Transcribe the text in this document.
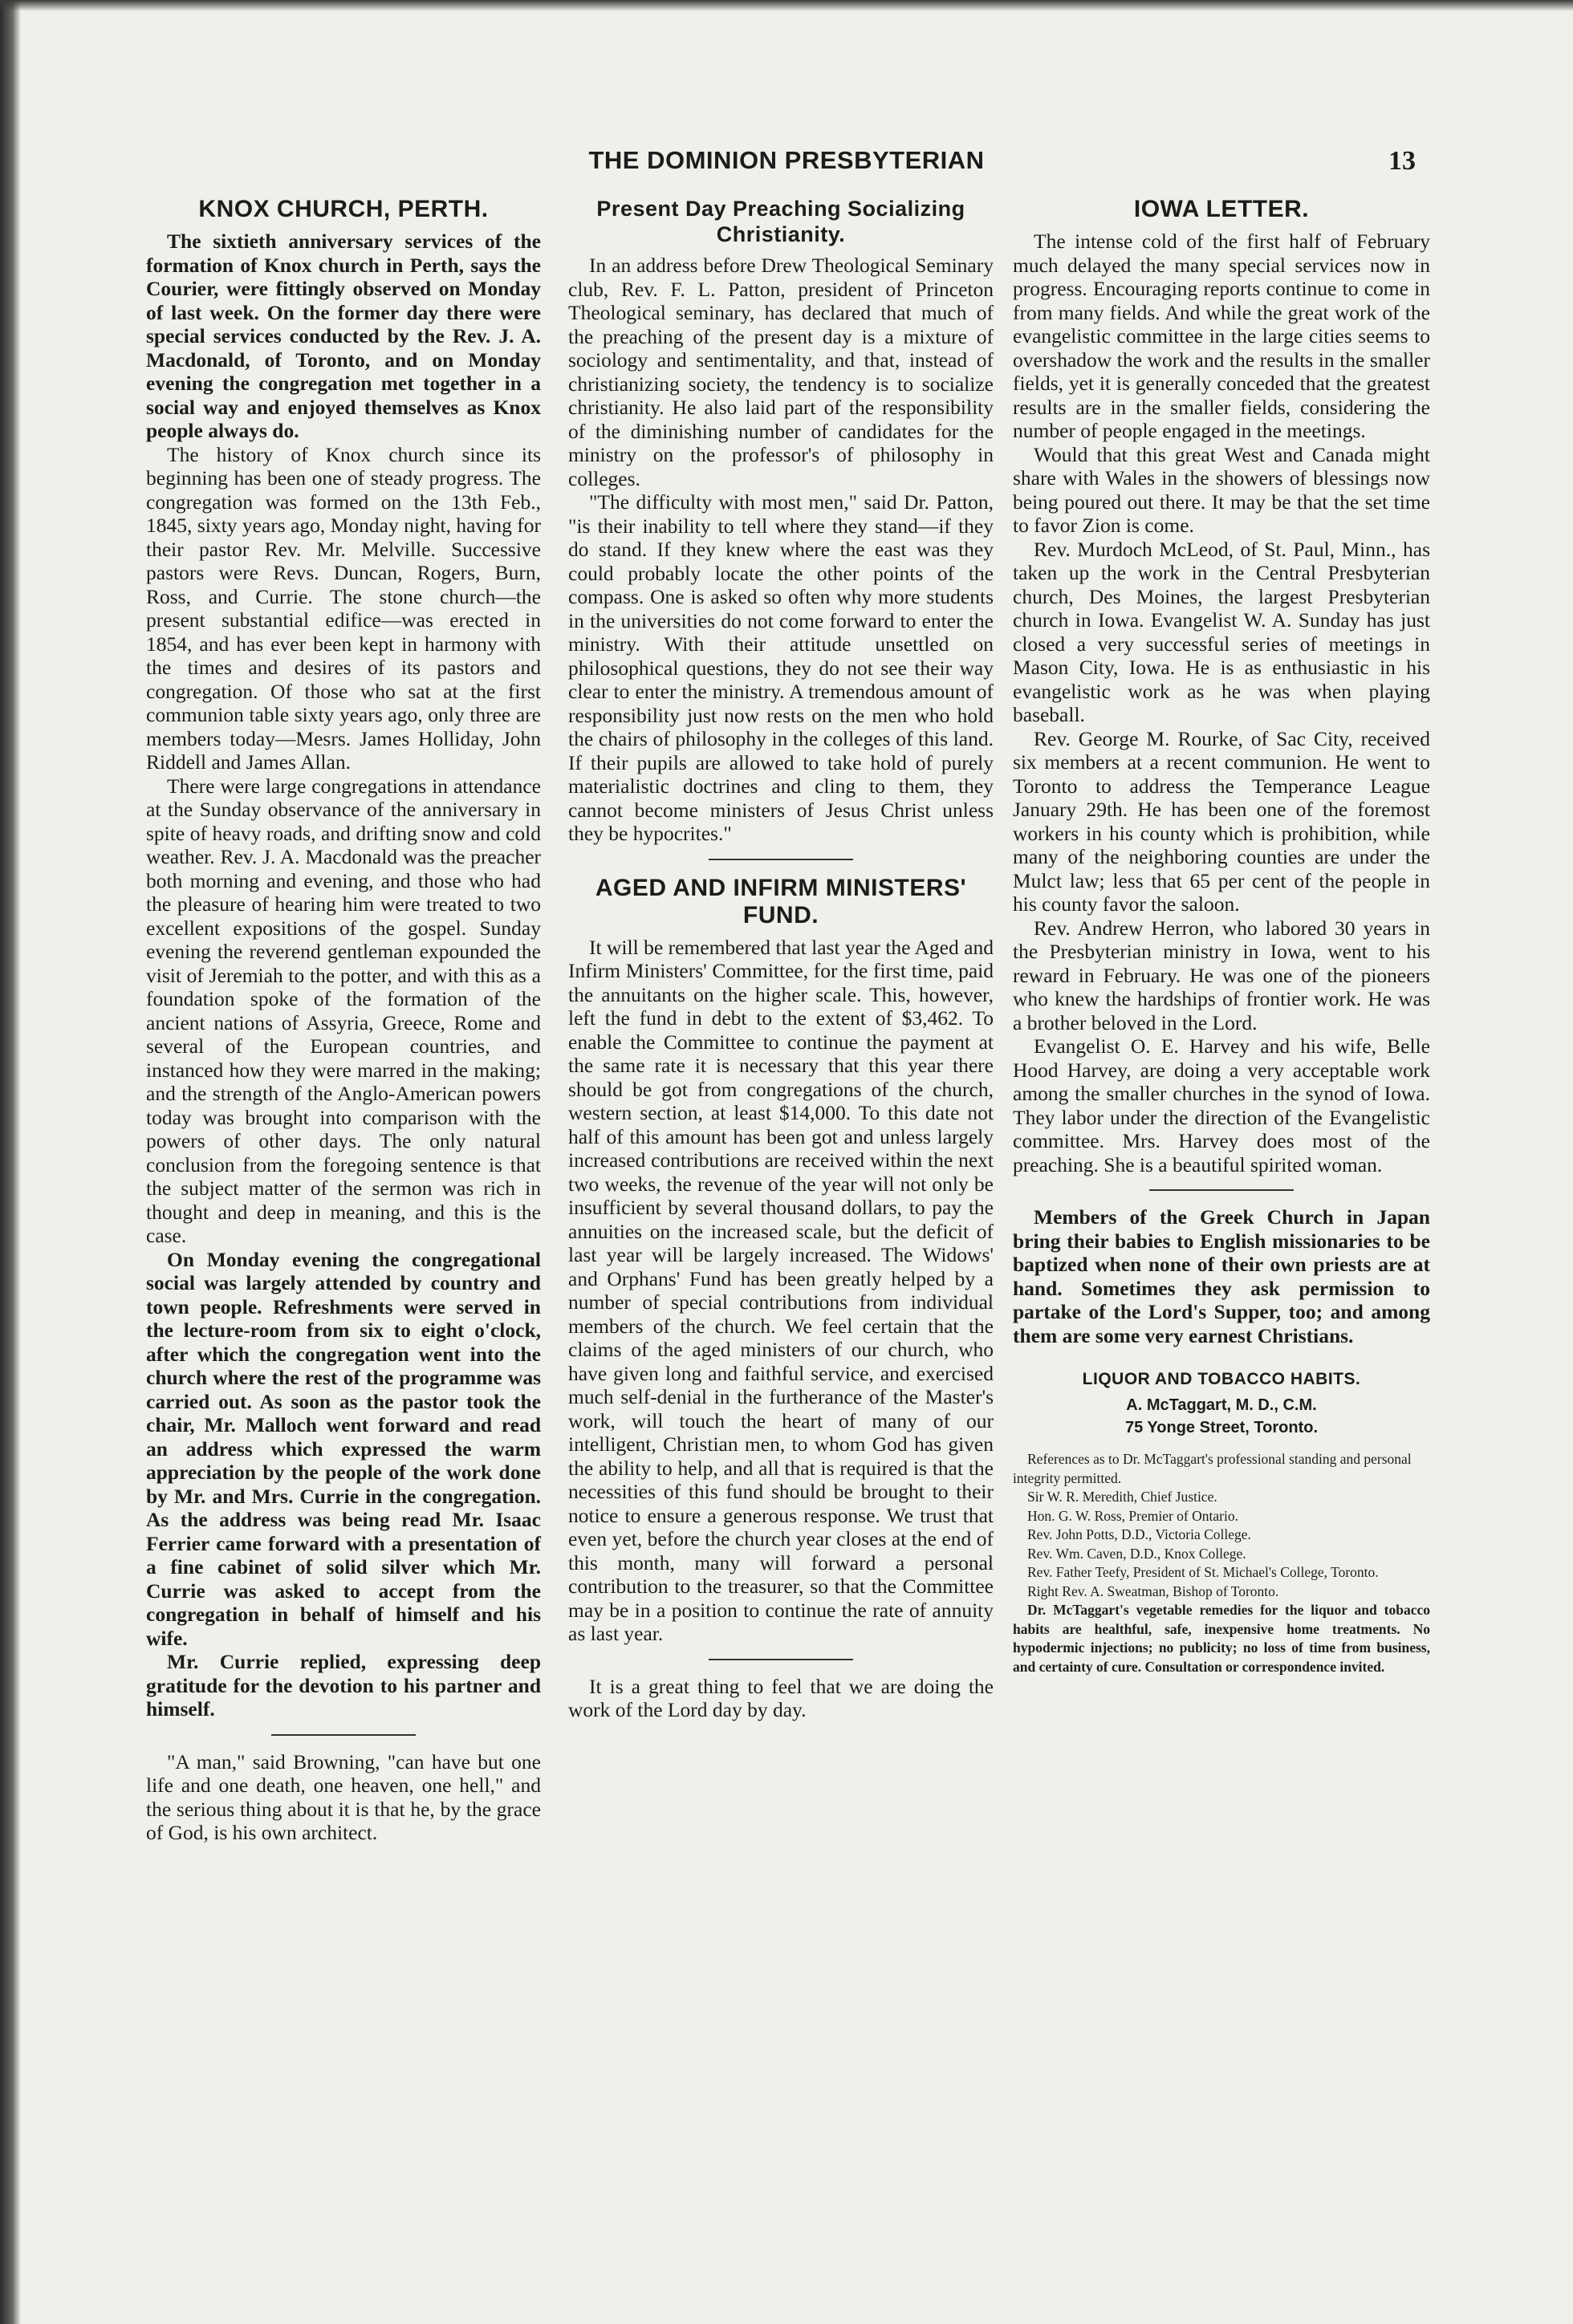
THE DOMINION PRESBYTERIAN	13
KNOX CHURCH, PERTH.

The sixtieth anniversary services of the formation of Knox church in Perth, says the Courier, were fittingly observed on Monday of last week. On the former day there were special services conducted by the Rev. J. A. Macdonald, of Toronto, and on Monday evening the congregation met together in a social way and enjoyed themselves as Knox people always do.

The history of Knox church since its beginning has been one of steady progress. The congregation was formed on the 13th Feb., 1845, sixty years ago, Monday night, having for their pastor Rev. Mr. Melville. Successive pastors were Revs. Duncan, Rogers, Burn, Ross, and Currie. The stone church—the present substantial edifice—was erected in 1854, and has ever been kept in harmony with the times and desires of its pastors and congregation. Of those who sat at the first communion table sixty years ago, only three are members today—Mesrs. James Holliday, John Riddell and James Allan.

There were large congregations in attendance at the Sunday observance of the anniversary in spite of heavy roads, and drifting snow and cold weather. Rev. J. A. Macdonald was the preacher both morning and evening, and those who had the pleasure of hearing him were treated to two excellent expositions of the gospel. Sunday evening the reverend gentleman expounded the visit of Jeremiah to the potter, and with this as a foundation spoke of the formation of the ancient nations of Assyria, Greece, Rome and several of the European countries, and instanced how they were marred in the making; and the strength of the Anglo-American powers today was brought into comparison with the powers of other days. The only natural conclusion from the foregoing sentence is that the subject matter of the sermon was rich in thought and deep in meaning, and this is the case.

On Monday evening the congregational social was largely attended by country and town people. Refreshments were served in the lecture-room from six to eight o'clock, after which the congregation went into the church where the rest of the programme was carried out. As soon as the pastor took the chair, Mr. Malloch went forward and read an address which expressed the warm appreciation by the people of the work done by Mr. and Mrs. Currie in the congregation. As the address was being read Mr. Isaac Ferrier came forward with a presentation of a fine cabinet of solid silver which Mr. Currie was asked to accept from the congregation in behalf of himself and his wife.

Mr. Currie replied, expressing deep gratitude for the devotion to his partner and himself.

"A man," said Browning, "can have but one life and one death, one heaven, one hell," and the serious thing about it is that he, by the grace of God, is his own architect.

Present Day Preaching Socializing Christianity.

In an address before Drew Theological Seminary club, Rev. F. L. Patton, president of Princeton Theological seminary, has declared that much of the preaching of the present day is a mixture of sociology and sentimentality, and that, instead of christianizing society, the tendency is to socialize christianity. He also laid part of the responsibility of the diminishing number of candidates for the ministry on the professor's of philosophy in colleges.

"The difficulty with most men," said Dr. Patton, "is their inability to tell where they stand—if they do stand. If they knew where the east was they could probably locate the other points of the compass. One is asked so often why more students in the universities do not come forward to enter the ministry. With their attitude unsettled on philosophical questions, they do not see their way clear to enter the ministry. A tremendous amount of responsibility just now rests on the men who hold the chairs of philosophy in the colleges of this land. If their pupils are allowed to take hold of purely materialistic doctrines and cling to them, they cannot become ministers of Jesus Christ unless they be hypocrites."

AGED AND INFIRM MINISTERS' FUND.

It will be remembered that last year the Aged and Infirm Ministers' Committee, for the first time, paid the annuitants on the higher scale. This, however, left the fund in debt to the extent of $3,462. To enable the Committee to continue the payment at the same rate it is necessary that this year there should be got from congregations of the church, western section, at least $14,000. To this date not half of this amount has been got and unless largely increased contributions are received within the next two weeks, the revenue of the year will not only be insufficient by several thousand dollars, to pay the annuities on the increased scale, but the deficit of last year will be largely increased. The Widows' and Orphans' Fund has been greatly helped by a number of special contributions from individual members of the church. We feel certain that the claims of the aged ministers of our church, who have given long and faithful service, and exercised much self-denial in the furtherance of the Master's work, will touch the heart of many of our intelligent, Christian men, to whom God has given the ability to help, and all that is required is that the necessities of this fund should be brought to their notice to ensure a generous response. We trust that even yet, before the church year closes at the end of this month, many will forward a personal contribution to the treasurer, so that the Committee may be in a position to continue the rate of annuity as last year.

It is a great thing to feel that we are doing the work of the Lord day by day.

IOWA LETTER.

The intense cold of the first half of February much delayed the many special services now in progress. Encouraging reports continue to come in from many fields. And while the great work of the evangelistic committee in the large cities seems to overshadow the work and the results in the smaller fields, yet it is generally conceded that the greatest results are in the smaller fields, considering the number of people engaged in the meetings.

Would that this great West and Canada might share with Wales in the showers of blessings now being poured out there. It may be that the set time to favor Zion is come.

Rev. Murdoch McLeod, of St. Paul, Minn., has taken up the work in the Central Presbyterian church, Des Moines, the largest Presbyterian church in Iowa. Evangelist W. A. Sunday has just closed a very successful series of meetings in Mason City, Iowa. He is as enthusiastic in his evangelistic work as he was when playing baseball.

Rev. George M. Rourke, of Sac City, received six members at a recent communion. He went to Toronto to address the Temperance League January 29th. He has been one of the foremost workers in his county which is prohibition, while many of the neighboring counties are under the Mulct law; less that 65 per cent of the people in his county favor the saloon.

Rev. Andrew Herron, who labored 30 years in the Presbyterian ministry in Iowa, went to his reward in February. He was one of the pioneers who knew the hardships of frontier work. He was a brother beloved in the Lord.

Evangelist O. E. Harvey and his wife, Belle Hood Harvey, are doing a very acceptable work among the smaller churches in the synod of Iowa. They labor under the direction of the Evangelistic committee. Mrs. Harvey does most of the preaching. She is a beautiful spirited woman.

Members of the Greek Church in Japan bring their babies to English missionaries to be baptized when none of their own priests are at hand. Sometimes they ask permission to partake of the Lord's Supper, too; and among them are some very earnest Christians.

LIQUOR AND TOBACCO HABITS.
A. McTaggart, M. D., C.M.
75 Yonge Street, Toronto.

References as to Dr. McTaggart's professional standing and personal integrity permitted.

Sir W. R. Meredith, Chief Justice.

Hon. G. W. Ross, Premier of Ontario.

Rev. John Potts, D.D., Victoria College.

Rev. Wm. Caven, D.D., Knox College.

Rev. Father Teefy, President of St. Michael's College, Toronto.

Right Rev. A. Sweatman, Bishop of Toronto.

Dr. McTaggart's vegetable remedies for the liquor and tobacco habits are healthful, safe, inexpensive home treatments. No hypodermic injections; no publicity; no loss of time from business, and certainty of cure. Consultation or correspondence invited.
